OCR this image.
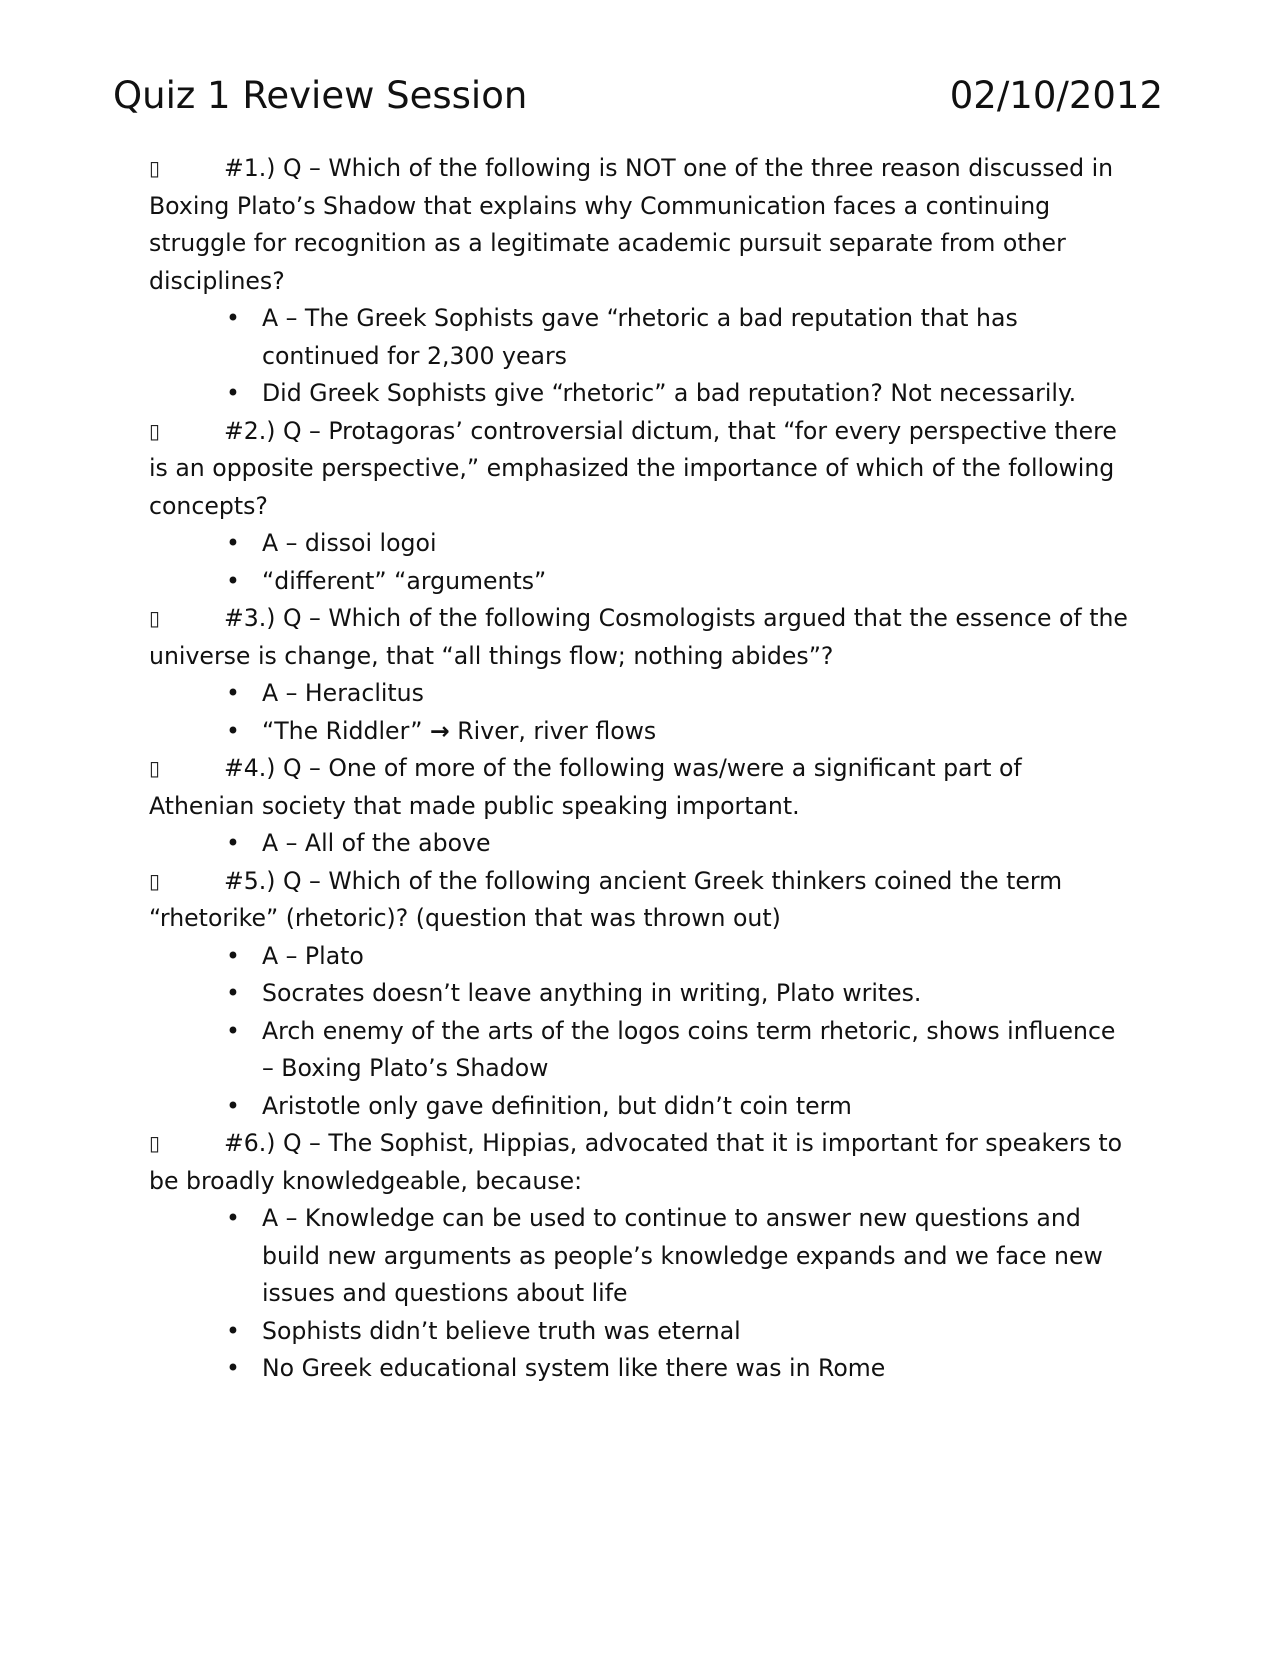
Quiz 1 Review Session	02/10/2012

▯	#1.) Q – Which of the following is NOT one of the three reason discussed in Boxing Plato’s Shadow that explains why Communication faces a continuing struggle for recognition as a legitimate academic pursuit separate from other disciplines?

• A – The Greek Sophists gave “rhetoric a bad reputation that has continued for 2,300 years
• Did Greek Sophists give “rhetoric” a bad reputation? Not necessarily.

▯	#2.) Q – Protagoras’ controversial dictum, that “for every perspective there is an opposite perspective,” emphasized the importance of which of the following concepts?

• A – dissoi logoi
• “different” “arguments”

▯	#3.) Q – Which of the following Cosmologists argued that the essence of the universe is change, that “all things flow; nothing abides”?

• A – Heraclitus
• “The Riddler” → River, river flows

▯	#4.) Q – One of more of the following was/were a significant part of Athenian society that made public speaking important.

• A – All of the above

▯	#5.) Q – Which of the following ancient Greek thinkers coined the term “rhetorike” (rhetoric)? (question that was thrown out)

• A – Plato
• Socrates doesn’t leave anything in writing, Plato writes.
• Arch enemy of the arts of the logos coins term rhetoric, shows influence – Boxing Plato’s Shadow
• Aristotle only gave definition, but didn’t coin term

▯	#6.) Q – The Sophist, Hippias, advocated that it is important for speakers to be broadly knowledgeable, because:

• A – Knowledge can be used to continue to answer new questions and build new arguments as people’s knowledge expands and we face new issues and questions about life
• Sophists didn’t believe truth was eternal
• No Greek educational system like there was in Rome
